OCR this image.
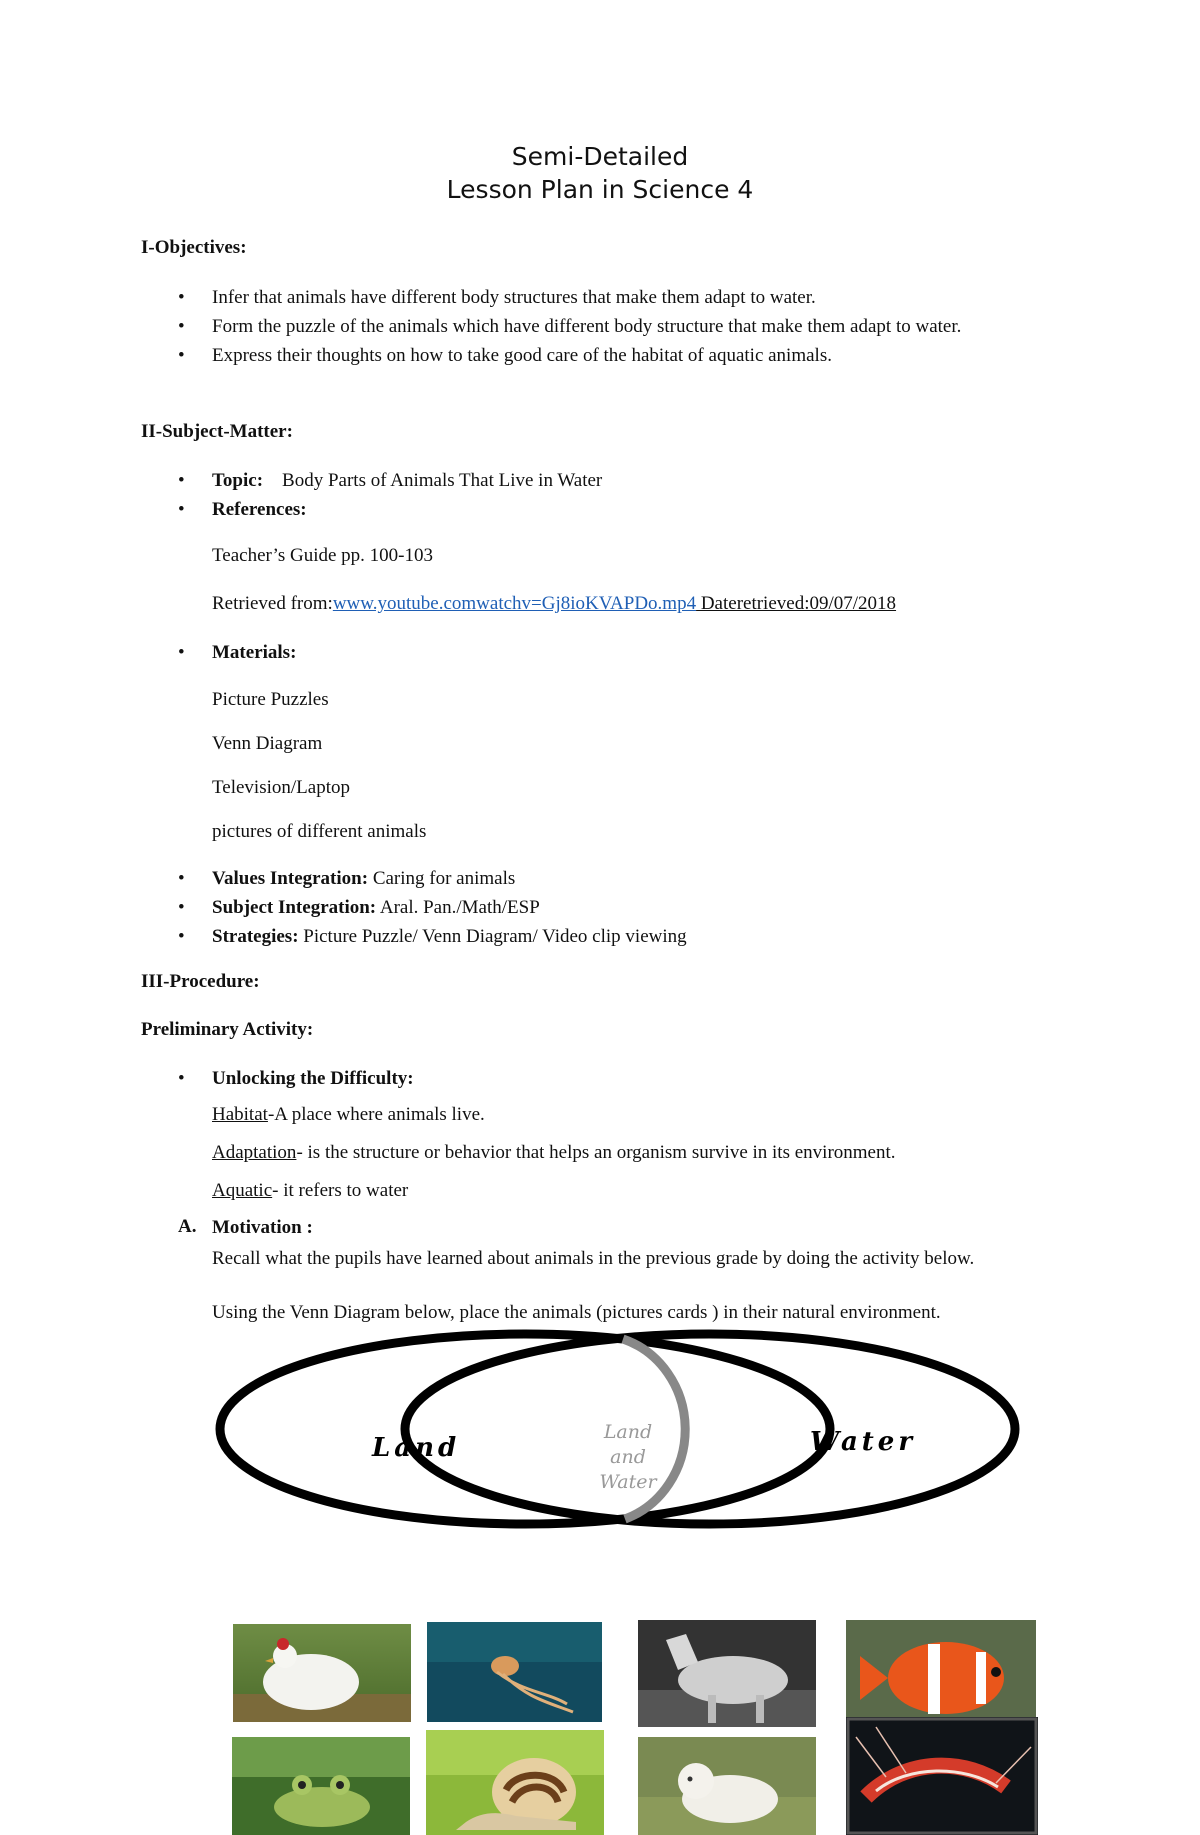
Semi-Detailed
Lesson Plan in Science 4
I-Objectives:
• Infer that animals have different body structures that make them adapt to water.
• Form the puzzle of the animals which have different body structure that make them adapt to water.
• Express their thoughts on how to take good care of the habitat of aquatic animals.
II-Subject-Matter:
• Topic: Body Parts of Animals That Live in Water
• References:
Teacher’s Guide pp. 100-103
Retrieved from:www.youtube.comwatchv=Gj8ioKVAPDo.mp4 Dateretrieved:09/07/2018
• Materials:
Picture Puzzles
Venn Diagram
Television/Laptop
pictures of different animals
• Values Integration: Caring for animals
• Subject Integration: Aral. Pan./Math/ESP
• Strategies: Picture Puzzle/ Venn Diagram/ Video clip viewing
III-Procedure:
Preliminary Activity:
• Unlocking the Difficulty:
Habitat-A place where animals live.
Adaptation- is the structure or behavior that helps an organism survive in its environment.
Aquatic- it refers to water
A. Motivation :
Recall what the pupils have learned about animals in the previous grade by doing the activity below.
Using the Venn Diagram below, place the animals (pictures cards ) in their natural environment.
Land	Water
Land
and
Water
